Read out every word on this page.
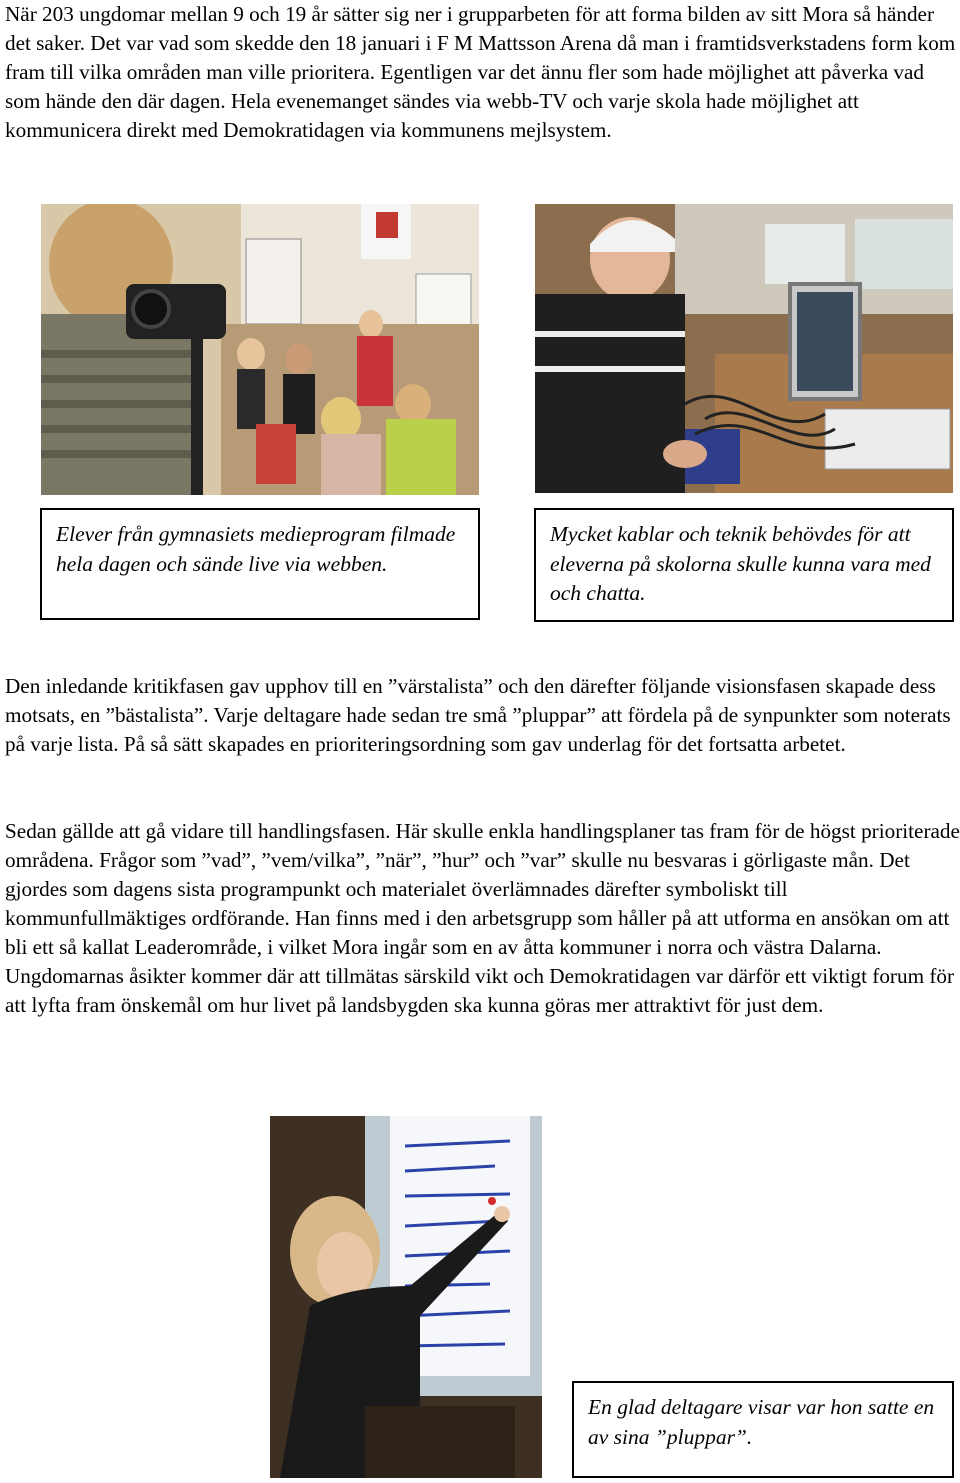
När 203 ungdomar mellan 9 och 19 år sätter sig ner i grupparbeten för att forma bilden av sitt Mora så händer det saker. Det var vad som skedde den 18 januari i F M Mattsson Arena då man i framtidsverkstadens form kom fram till vilka områden man ville prioritera. Egentligen var det ännu fler som hade möjlighet att påverka vad som hände den där dagen. Hela evenemanget sändes via webb-TV och varje skola hade möjlighet att kommunicera direkt med Demokratidagen via kommunens mejlsystem.

Elever från gymnasiets medieprogram filmade hela dagen och sände live via webben.
Mycket kablar och teknik behövdes för att eleverna på skolorna skulle kunna vara med och chatta.

Den inledande kritikfasen gav upphov till en ”värstalista” och den därefter följande visionsfasen skapade dess motsats, en ”bästalista”. Varje deltagare hade sedan tre små ”pluppar” att fördela på de synpunkter som noterats på varje lista. På så sätt skapades en prioriteringsordning som gav underlag för det fortsatta arbetet.

Sedan gällde att gå vidare till handlingsfasen. Här skulle enkla handlingsplaner tas fram för de högst prioriterade områdena. Frågor som ”vad”, ”vem/vilka”, ”när”, ”hur” och ”var” skulle nu besvaras i görligaste mån. Det gjordes som dagens sista programpunkt och materialet överlämnades därefter symboliskt till kommunfullmäktiges ordförande. Han finns med i den arbetsgrupp som håller på att utforma en ansökan om att bli ett så kallat Leaderområde, i vilket Mora ingår som en av åtta kommuner i norra och västra Dalarna. Ungdomarnas åsikter kommer där att tillmätas särskild vikt och Demokratidagen var därför ett viktigt forum för att lyfta fram önskemål om hur livet på landsbygden ska kunna göras mer attraktivt för just dem.

En glad deltagare visar var hon satte en av sina ”pluppar”.
